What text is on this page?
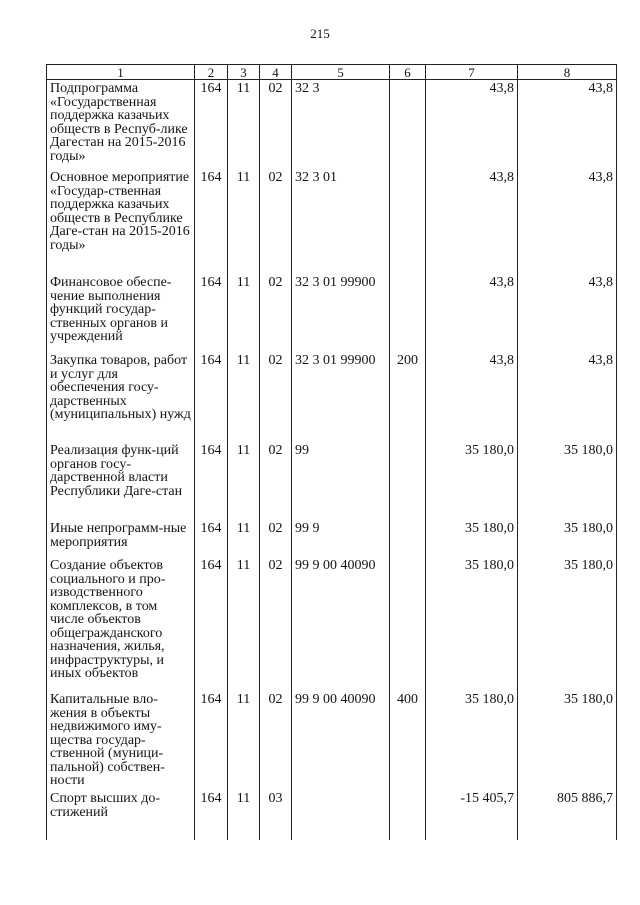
215
1	2	3	4	5	6	7	8
Подпрограмма «Государственная поддержка казачьих обществ в Респуб-лике Дагестан на 2015-2016 годы»	164	11	02	32 3		43,8	43,8
Основное мероприятие «Государ-ственная поддержка казачьих обществ в Республике Даге-стан на 2015-2016 годы»	164	11	02	32 3 01		43,8	43,8
Финансовое обеспе-чение выполнения функций государ-ственных органов и учреждений	164	11	02	32 3 01 99900		43,8	43,8
Закупка товаров, работ и услуг для обеспечения госу-дарственных (муниципальных) нужд	164	11	02	32 3 01 99900	200	43,8	43,8
Реализация функ-ций органов госу-дарственной власти Республики Даге-стан	164	11	02	99		35 180,0	35 180,0
Иные непрограмм-ные мероприятия	164	11	02	99 9		35 180,0	35 180,0
Создание объектов социального и про-изводственного комплексов, в том числе объектов общегражданского назначения, жилья, инфраструктуры, и иных объектов	164	11	02	99 9 00 40090		35 180,0	35 180,0
Капитальные вло-жения в объекты недвижимого иму-щества государ-ственной (муници-пальной) собствен-ности	164	11	02	99 9 00 40090	400	35 180,0	35 180,0
Спорт высших до-стижений	164	11	03			-15 405,7	805 886,7
